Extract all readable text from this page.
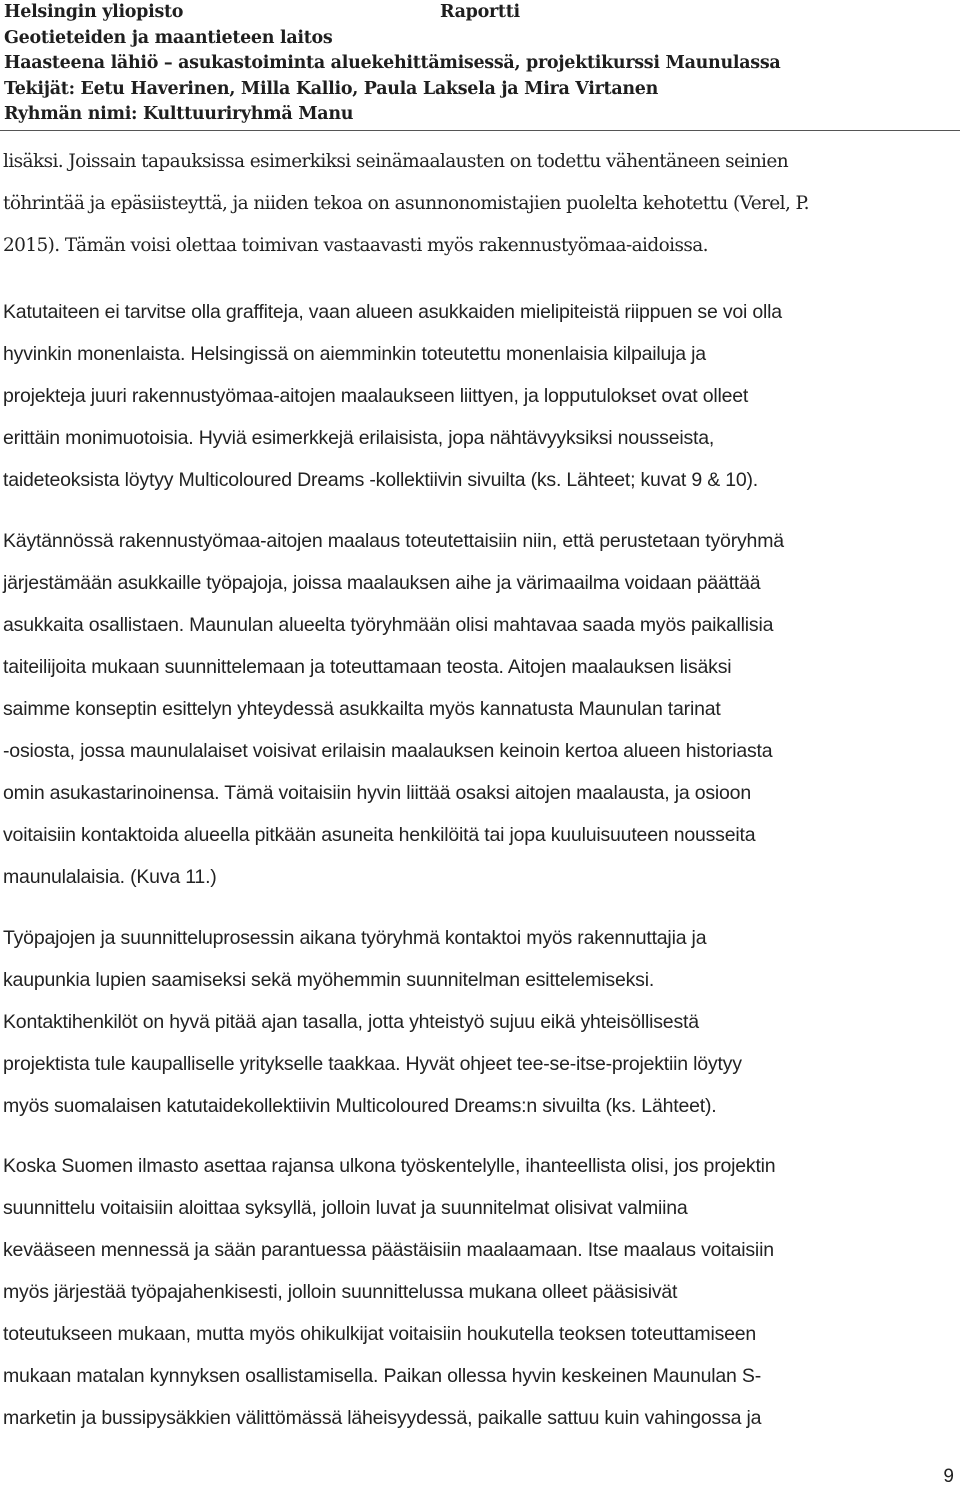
Helsingin yliopisto	Raportti
Geotieteiden ja maantieteen laitos
Haasteena lähiö – asukastoiminta aluekehittämisessä, projektikurssi Maunulassa
Tekijät: Eetu Haverinen, Milla Kallio, Paula Laksela ja Mira Virtanen
Ryhmän nimi: Kulttuuriryhmä Manu
lisäksi. Joissain tapauksissa esimerkiksi seinämaalausten on todettu vähentäneen seinien
töhrintää ja epäsiisteyttä, ja niiden tekoa on asunnonomistajien puolelta kehotettu (Verel, P.
2015). Tämän voisi olettaa toimivan vastaavasti myös rakennustyömaa-aidoissa.
Katutaiteen ei tarvitse olla graffiteja, vaan alueen asukkaiden mielipiteistä riippuen se voi olla
hyvinkin monenlaista. Helsingissä on aiemminkin toteutettu monenlaisia kilpailuja ja
projekteja juuri rakennustyömaa-aitojen maalaukseen liittyen, ja lopputulokset ovat olleet
erittäin monimuotoisia. Hyviä esimerkkejä erilaisista, jopa nähtävyyksiksi nousseista,
taideteoksista löytyy Multicoloured Dreams -kollektiivin sivuilta (ks. Lähteet; kuvat 9 & 10).
Käytännössä rakennustyömaa-aitojen maalaus toteutettaisiin niin, että perustetaan työryhmä
järjestämään asukkaille työpajoja, joissa maalauksen aihe ja värimaailma voidaan päättää
asukkaita osallistaen. Maunulan alueelta työryhmään olisi mahtavaa saada myös paikallisia
taiteilijoita mukaan suunnittelemaan ja toteuttamaan teosta. Aitojen maalauksen lisäksi
saimme konseptin esittelyn yhteydessä asukkailta myös kannatusta Maunulan tarinat
-osiosta, jossa maunulalaiset voisivat erilaisin maalauksen keinoin kertoa alueen historiasta
omin asukastarinoinensa. Tämä voitaisiin hyvin liittää osaksi aitojen maalausta, ja osioon
voitaisiin kontaktoida alueella pitkään asuneita henkilöitä tai jopa kuuluisuuteen nousseita
maunulalaisia. (Kuva 11.)
Työpajojen ja suunnitteluprosessin aikana työryhmä kontaktoi myös rakennuttajia ja
kaupunkia lupien saamiseksi sekä myöhemmin suunnitelman esittelemiseksi.
Kontaktihenkilöt on hyvä pitää ajan tasalla, jotta yhteistyö sujuu eikä yhteisöllisestä
projektista tule kaupalliselle yritykselle taakkaa. Hyvät ohjeet tee-se-itse-projektiin löytyy
myös suomalaisen katutaidekollektiivin Multicoloured Dreams:n sivuilta (ks. Lähteet).
Koska Suomen ilmasto asettaa rajansa ulkona työskentelylle, ihanteellista olisi, jos projektin
suunnittelu voitaisiin aloittaa syksyllä, jolloin luvat ja suunnitelmat olisivat valmiina
kevääseen mennessä ja sään parantuessa päästäisiin maalaamaan. Itse maalaus voitaisiin
myös järjestää työpajahenkisesti, jolloin suunnittelussa mukana olleet pääsisivät
toteutukseen mukaan, mutta myös ohikulkijat voitaisiin houkutella teoksen toteuttamiseen
mukaan matalan kynnyksen osallistamisella. Paikan ollessa hyvin keskeinen Maunulan S-
marketin ja bussipysäkkien välittömässä läheisyydessä, paikalle sattuu kuin vahingossa ja
9
